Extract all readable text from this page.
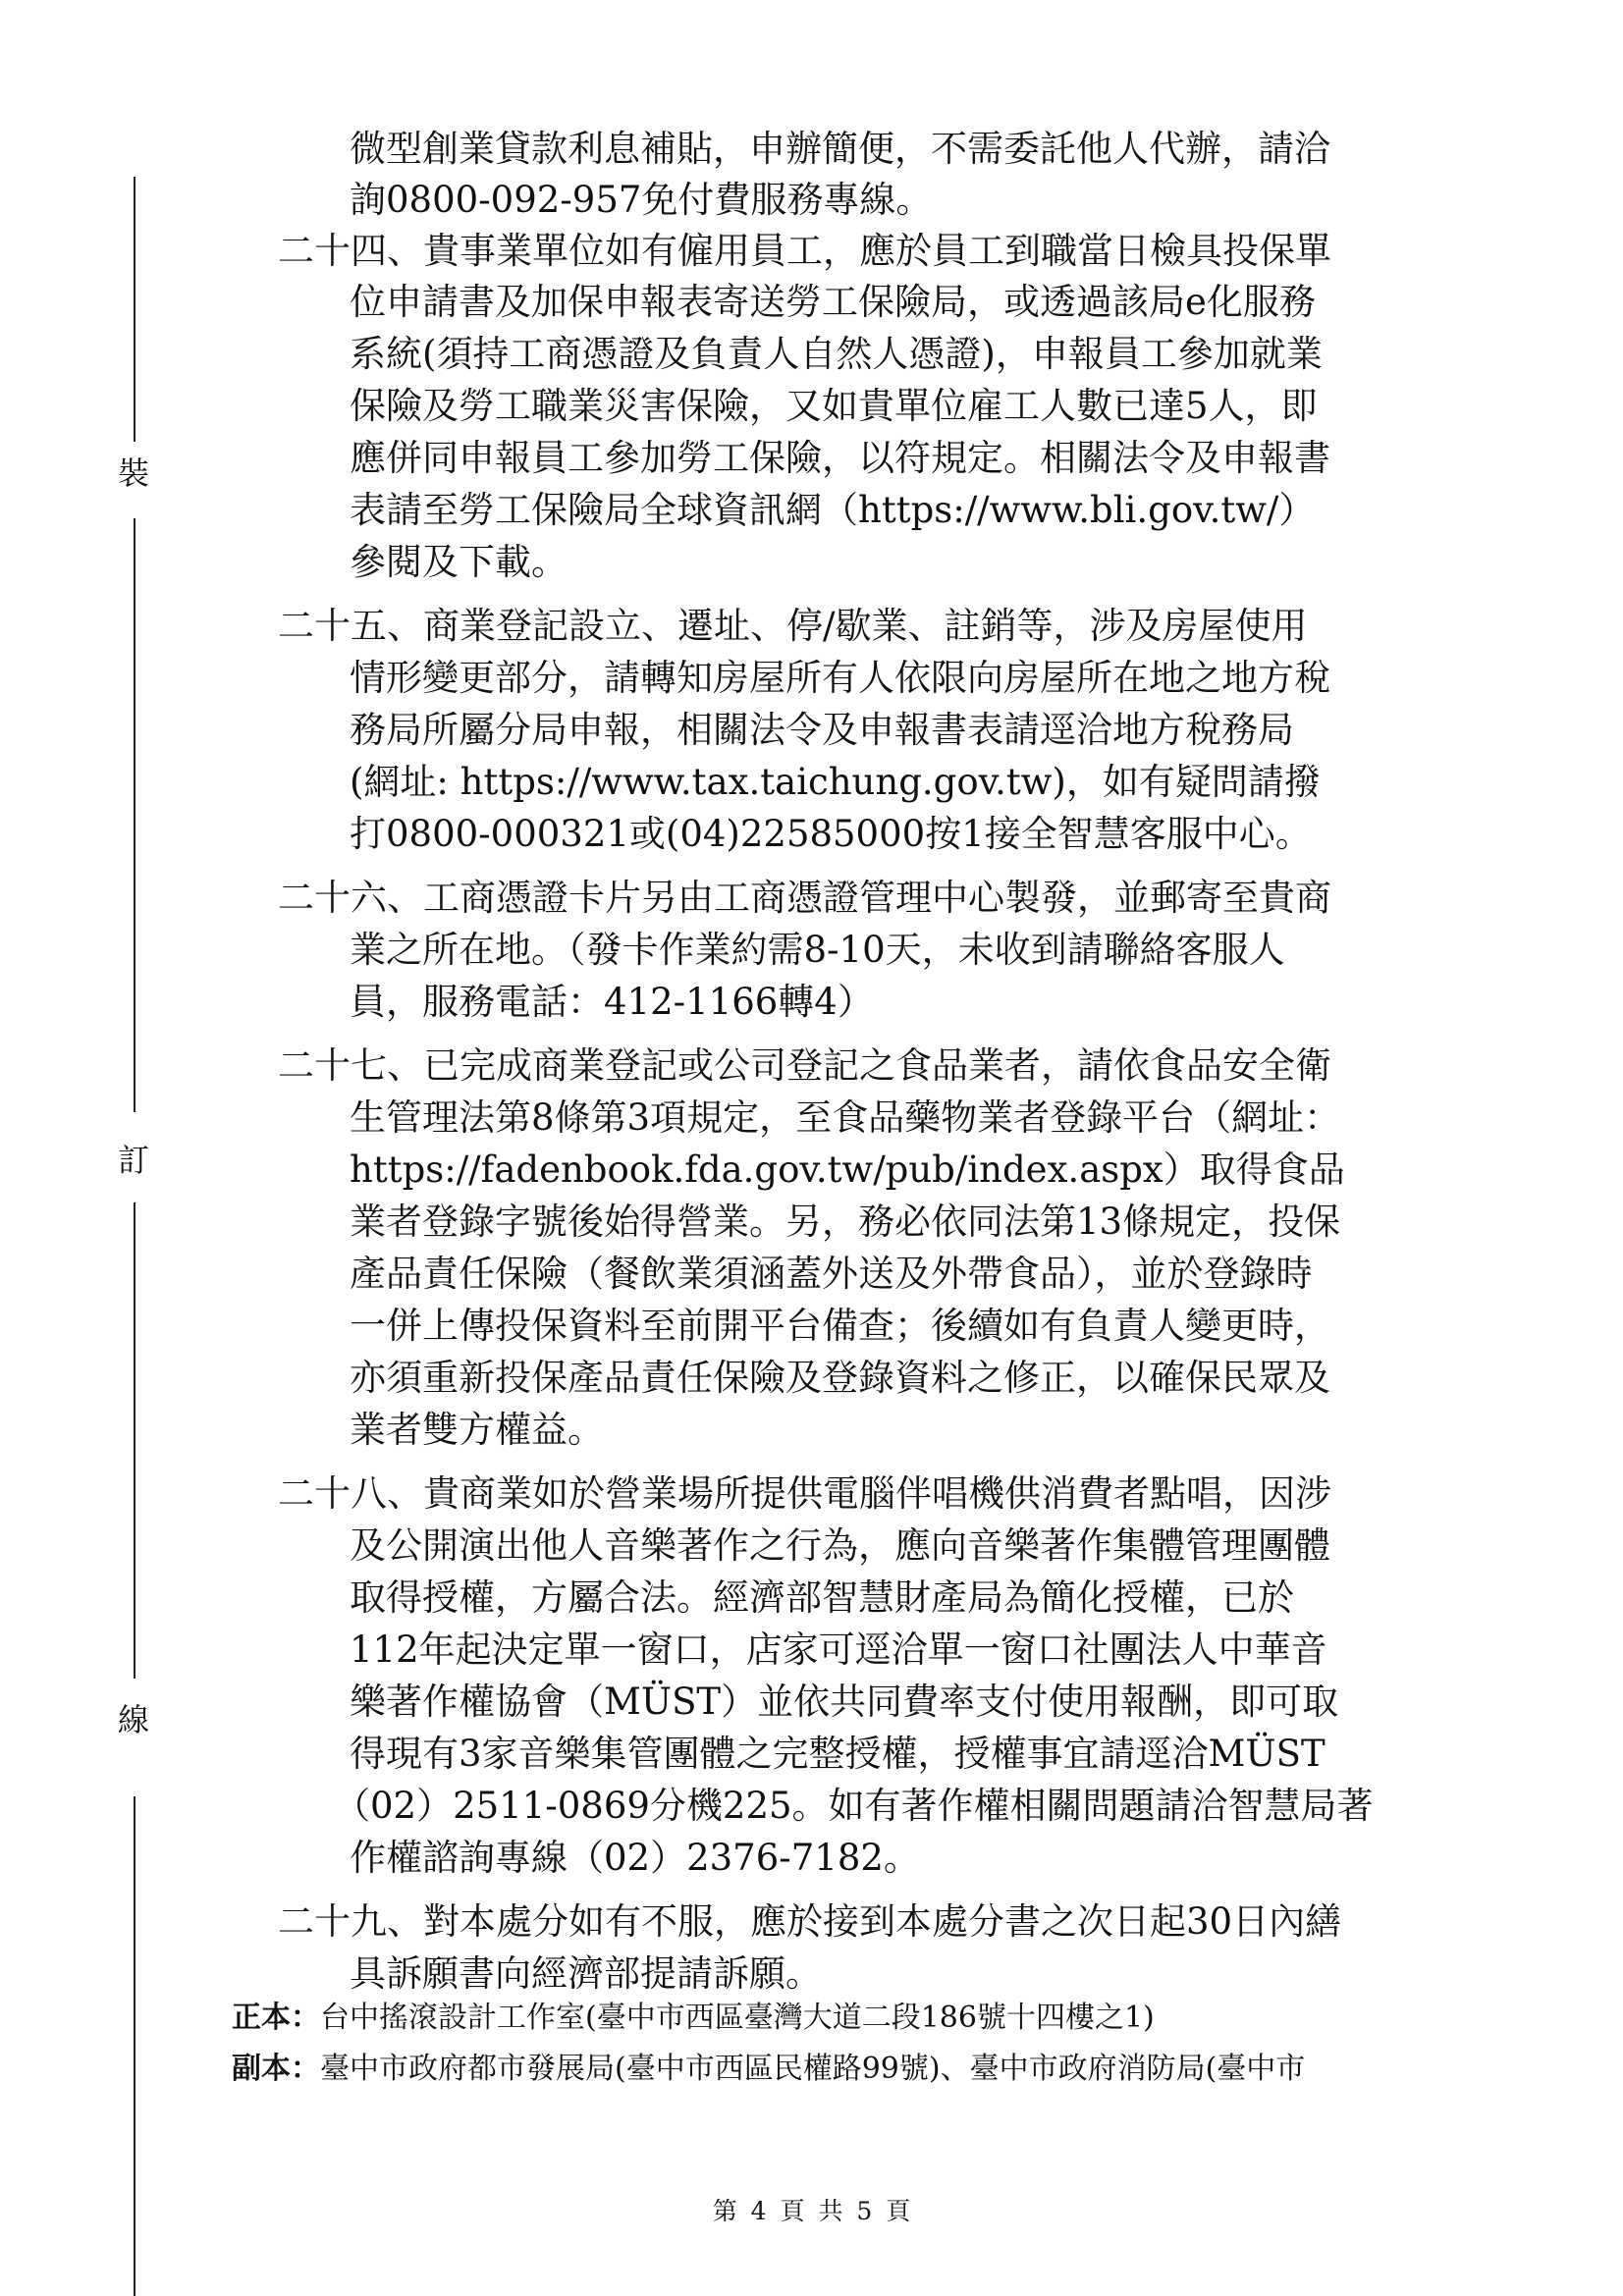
裝
訂
線
微型創業貸款利息補貼，申辦簡便，不需委託他人代辦，請洽
詢0800-092-957免付費服務專線。
二十四、貴事業單位如有僱用員工，應於員工到職當日檢具投保單
位申請書及加保申報表寄送勞工保險局，或透過該局e化服務
系統(須持工商憑證及負責人自然人憑證)，申報員工參加就業
保險及勞工職業災害保險，又如貴單位雇工人數已達5人，即
應併同申報員工參加勞工保險，以符規定。相關法令及申報書
表請至勞工保險局全球資訊網（https://www.bli.gov.tw/）
參閱及下載。
二十五、商業登記設立、遷址、停/歇業、註銷等，涉及房屋使用
情形變更部分，請轉知房屋所有人依限向房屋所在地之地方稅
務局所屬分局申報，相關法令及申報書表請逕洽地方稅務局
(網址: https://www.tax.taichung.gov.tw)，如有疑問請撥
打0800-000321或(04)22585000按1接全智慧客服中心。
二十六、工商憑證卡片另由工商憑證管理中心製發，並郵寄至貴商
業之所在地。（發卡作業約需8-10天，未收到請聯絡客服人
員，服務電話：412-1166轉4）
二十七、已完成商業登記或公司登記之食品業者，請依食品安全衛
生管理法第8條第3項規定，至食品藥物業者登錄平台（網址：
https://fadenbook.fda.gov.tw/pub/index.aspx）取得食品
業者登錄字號後始得營業。另，務必依同法第13條規定，投保
產品責任保險（餐飲業須涵蓋外送及外帶食品），並於登錄時
一併上傳投保資料至前開平台備查；後續如有負責人變更時，
亦須重新投保產品責任保險及登錄資料之修正，以確保民眾及
業者雙方權益。
二十八、貴商業如於營業場所提供電腦伴唱機供消費者點唱，因涉
及公開演出他人音樂著作之行為，應向音樂著作集體管理團體
取得授權，方屬合法。經濟部智慧財產局為簡化授權，已於
112年起決定單一窗口，店家可逕洽單一窗口社團法人中華音
樂著作權協會（MÜST）並依共同費率支付使用報酬，即可取
得現有3家音樂集管團體之完整授權，授權事宜請逕洽MÜST
（02）2511-0869分機225。如有著作權相關問題請洽智慧局著
作權諮詢專線（02）2376-7182。
二十九、對本處分如有不服，應於接到本處分書之次日起30日內繕
具訴願書向經濟部提請訴願。
正本：台中搖滾設計工作室(臺中市西區臺灣大道二段186號十四樓之1)
副本：臺中市政府都市發展局(臺中市西區民權路99號)、臺中市政府消防局(臺中市
第 4 頁 共 5 頁
